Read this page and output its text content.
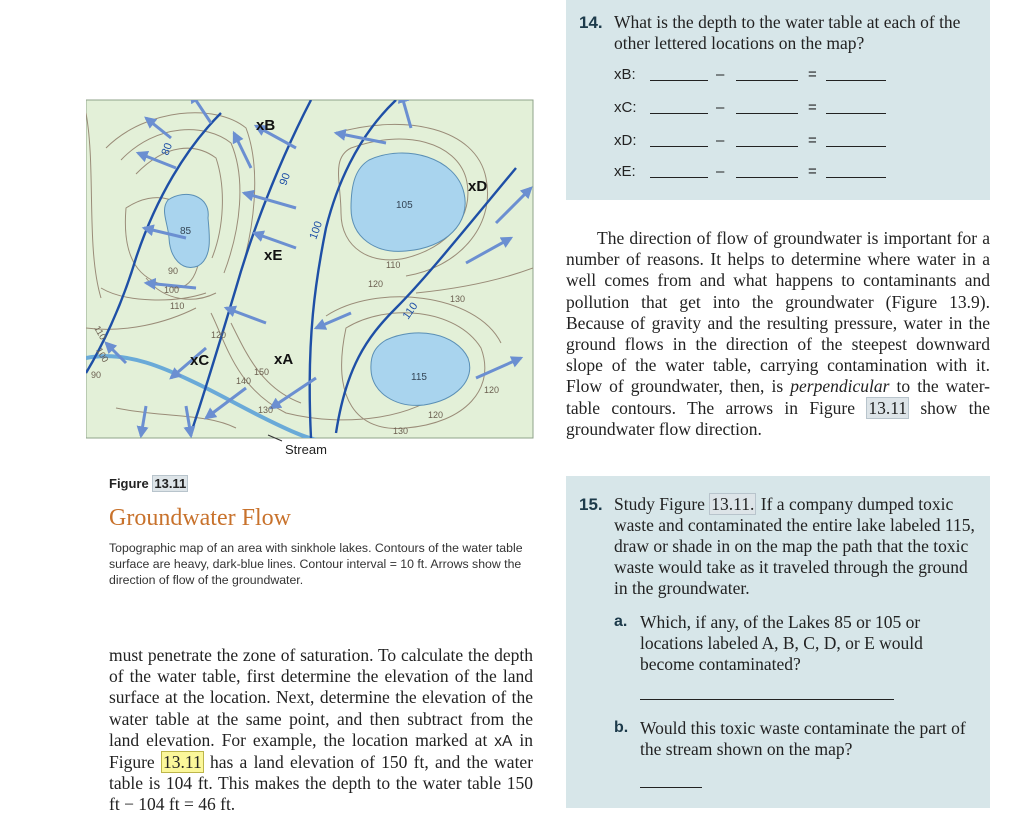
14. What is the depth to the water table at each of the other lettered locations on the map?
xB:	–	=
xC:	–	=
xD:	–	=
xE:	–	=
The direction of flow of groundwater is important for a number of reasons. It helps to determine where water in a well comes from and what happens to contaminants and pollution that get into the groundwater (Figure 13.9). Because of gravity and the resulting pressure, water in the ground flows in the direction of the steepest downward slope of the water table, carrying contamination with it. Flow of groundwater, then, is perpendicular to the water-table contours. The arrows in Figure 13.11 show the groundwater flow direction.
15. Study Figure 13.11. If a company dumped toxic waste and contaminated the entire lake labeled 115, draw or shade in on the map the path that the toxic waste would take as it traveled through the ground in the groundwater.
a. Which, if any, of the Lakes 85 or 105 or locations labeled A, B, C, D, or E would become contaminated?
b. Would this toxic waste contaminate the part of the stream shown on the map?
xB
xD
xE
xC	xA
85
105
115
80
90
100
110
90
100
110
110
120
130
120
150
140
130
130
120
120
110
100
90
Stream
Figure 13.11
Groundwater Flow
Topographic map of an area with sinkhole lakes. Contours of the water table surface are heavy, dark-blue lines. Contour interval = 10 ft. Arrows show the direction of flow of the groundwater.
must penetrate the zone of saturation. To calculate the depth of the water table, first determine the elevation of the land surface at the location. Next, determine the elevation of the water table at the same point, and then subtract from the land elevation. For example, the location marked at xA in Figure 13.11 has a land elevation of 150 ft, and the water table is 104 ft. This makes the depth to the water table 150 ft − 104 ft = 46 ft.
